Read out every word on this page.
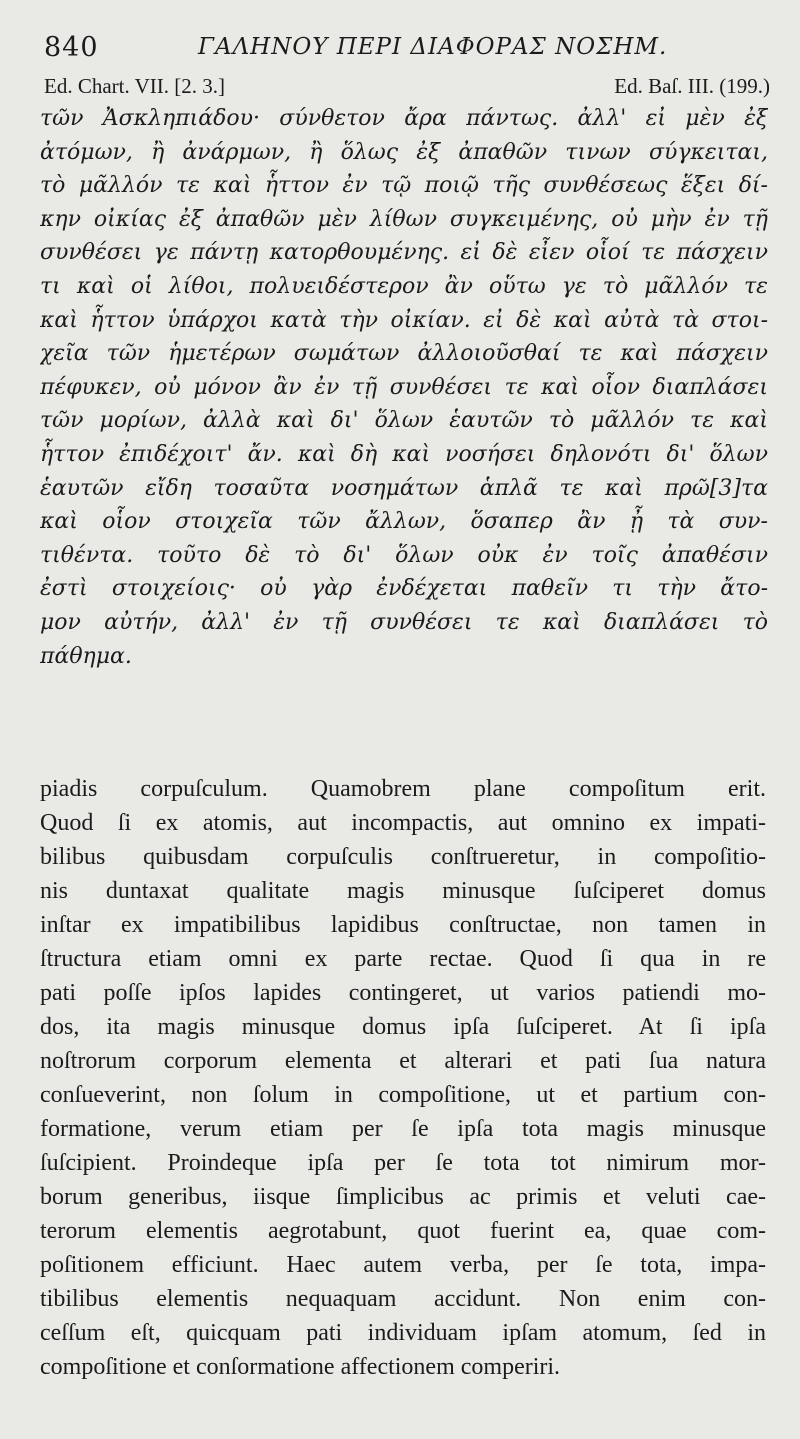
840	ΓΑΛΗΝΟΥ ΠΕΡΙ ΔΙΑΦΟΡΑΣ ΝΟΣΗΜ.
Ed. Chart. VII. [2. 3.]	Ed. Baſ. III. (199.)
τῶν Ἀσκληπιάδου· σύνθετον ἄρα πάντως. ἀλλ' εἰ μὲν ἐξ
ἀτόμων, ἢ ἀνάρμων, ἢ ὅλως ἐξ ἀπαθῶν τινων σύγκειται,
τὸ μᾶλλόν τε καὶ ἧττον ἐν τῷ ποιῷ τῆς συνθέσεως ἕξει δί-
κην οἰκίας ἐξ ἀπαθῶν μὲν λίθων συγκειμένης, οὐ μὴν ἐν τῇ
συνθέσει γε πάντῃ κατορθουμένης. εἰ δὲ εἶεν οἷοί τε πάσχειν
τι καὶ οἱ λίθοι, πολυειδέστερον ἂν οὕτω γε τὸ μᾶλλόν τε
καὶ ἧττον ὑπάρχοι κατὰ τὴν οἰκίαν. εἰ δὲ καὶ αὐτὰ τὰ στοι-
χεῖα τῶν ἡμετέρων σωμάτων ἀλλοιοῦσθαί τε καὶ πάσχειν
πέφυκεν, οὐ μόνον ἂν ἐν τῇ συνθέσει τε καὶ οἷον διαπλάσει
τῶν μορίων, ἀλλὰ καὶ δι' ὅλων ἑαυτῶν τὸ μᾶλλόν τε καὶ
ἧττον ἐπιδέχοιτ' ἄν. καὶ δὴ καὶ νοσήσει δηλονότι δι' ὅλων
ἑαυτῶν εἴδη τοσαῦτα νοσημάτων ἁπλᾶ τε καὶ πρῶ[3]τα
καὶ οἷον στοιχεῖα τῶν ἄλλων, ὅσαπερ ἂν ᾖ τὰ συν-
τιθέντα. τοῦτο δὲ τὸ δι' ὅλων οὐκ ἐν τοῖς ἀπαθέσιν
ἐστὶ στοιχείοις· οὐ γὰρ ἐνδέχεται παθεῖν τι τὴν ἄτο-
μον αὐτήν, ἀλλ' ἐν τῇ συνθέσει τε καὶ διαπλάσει τὸ
πάθημα.
piadis corpuſculum. Quamobrem plane compoſitum erit.
Quod ſi ex atomis, aut incompactis, aut omnino ex impati-
bilibus quibusdam corpuſculis conſtrueretur, in compoſitio-
nis duntaxat qualitate magis minusque ſuſciperet domus
inſtar ex impatibilibus lapidibus conſtructae, non tamen in
ſtructura etiam omni ex parte rectae. Quod ſi qua in re
pati poſſe ipſos lapides contingeret, ut varios patiendi mo-
dos, ita magis minusque domus ipſa ſuſciperet. At ſi ipſa
noſtrorum corporum elementa et alterari et pati ſua natura
conſueverint, non ſolum in compoſitione, ut et partium con-
formatione, verum etiam per ſe ipſa tota magis minusque
ſuſcipient. Proindeque ipſa per ſe tota tot nimirum mor-
borum generibus, iisque ſimplicibus ac primis et veluti cae-
terorum elementis aegrotabunt, quot fuerint ea, quae com-
poſitionem efficiunt. Haec autem verba, per ſe tota, impa-
tibilibus elementis nequaquam accidunt. Non enim con-
ceſſum eſt, quicquam pati individuam ipſam atomum, ſed in
compoſitione et conſormatione affectionem comperiri.
